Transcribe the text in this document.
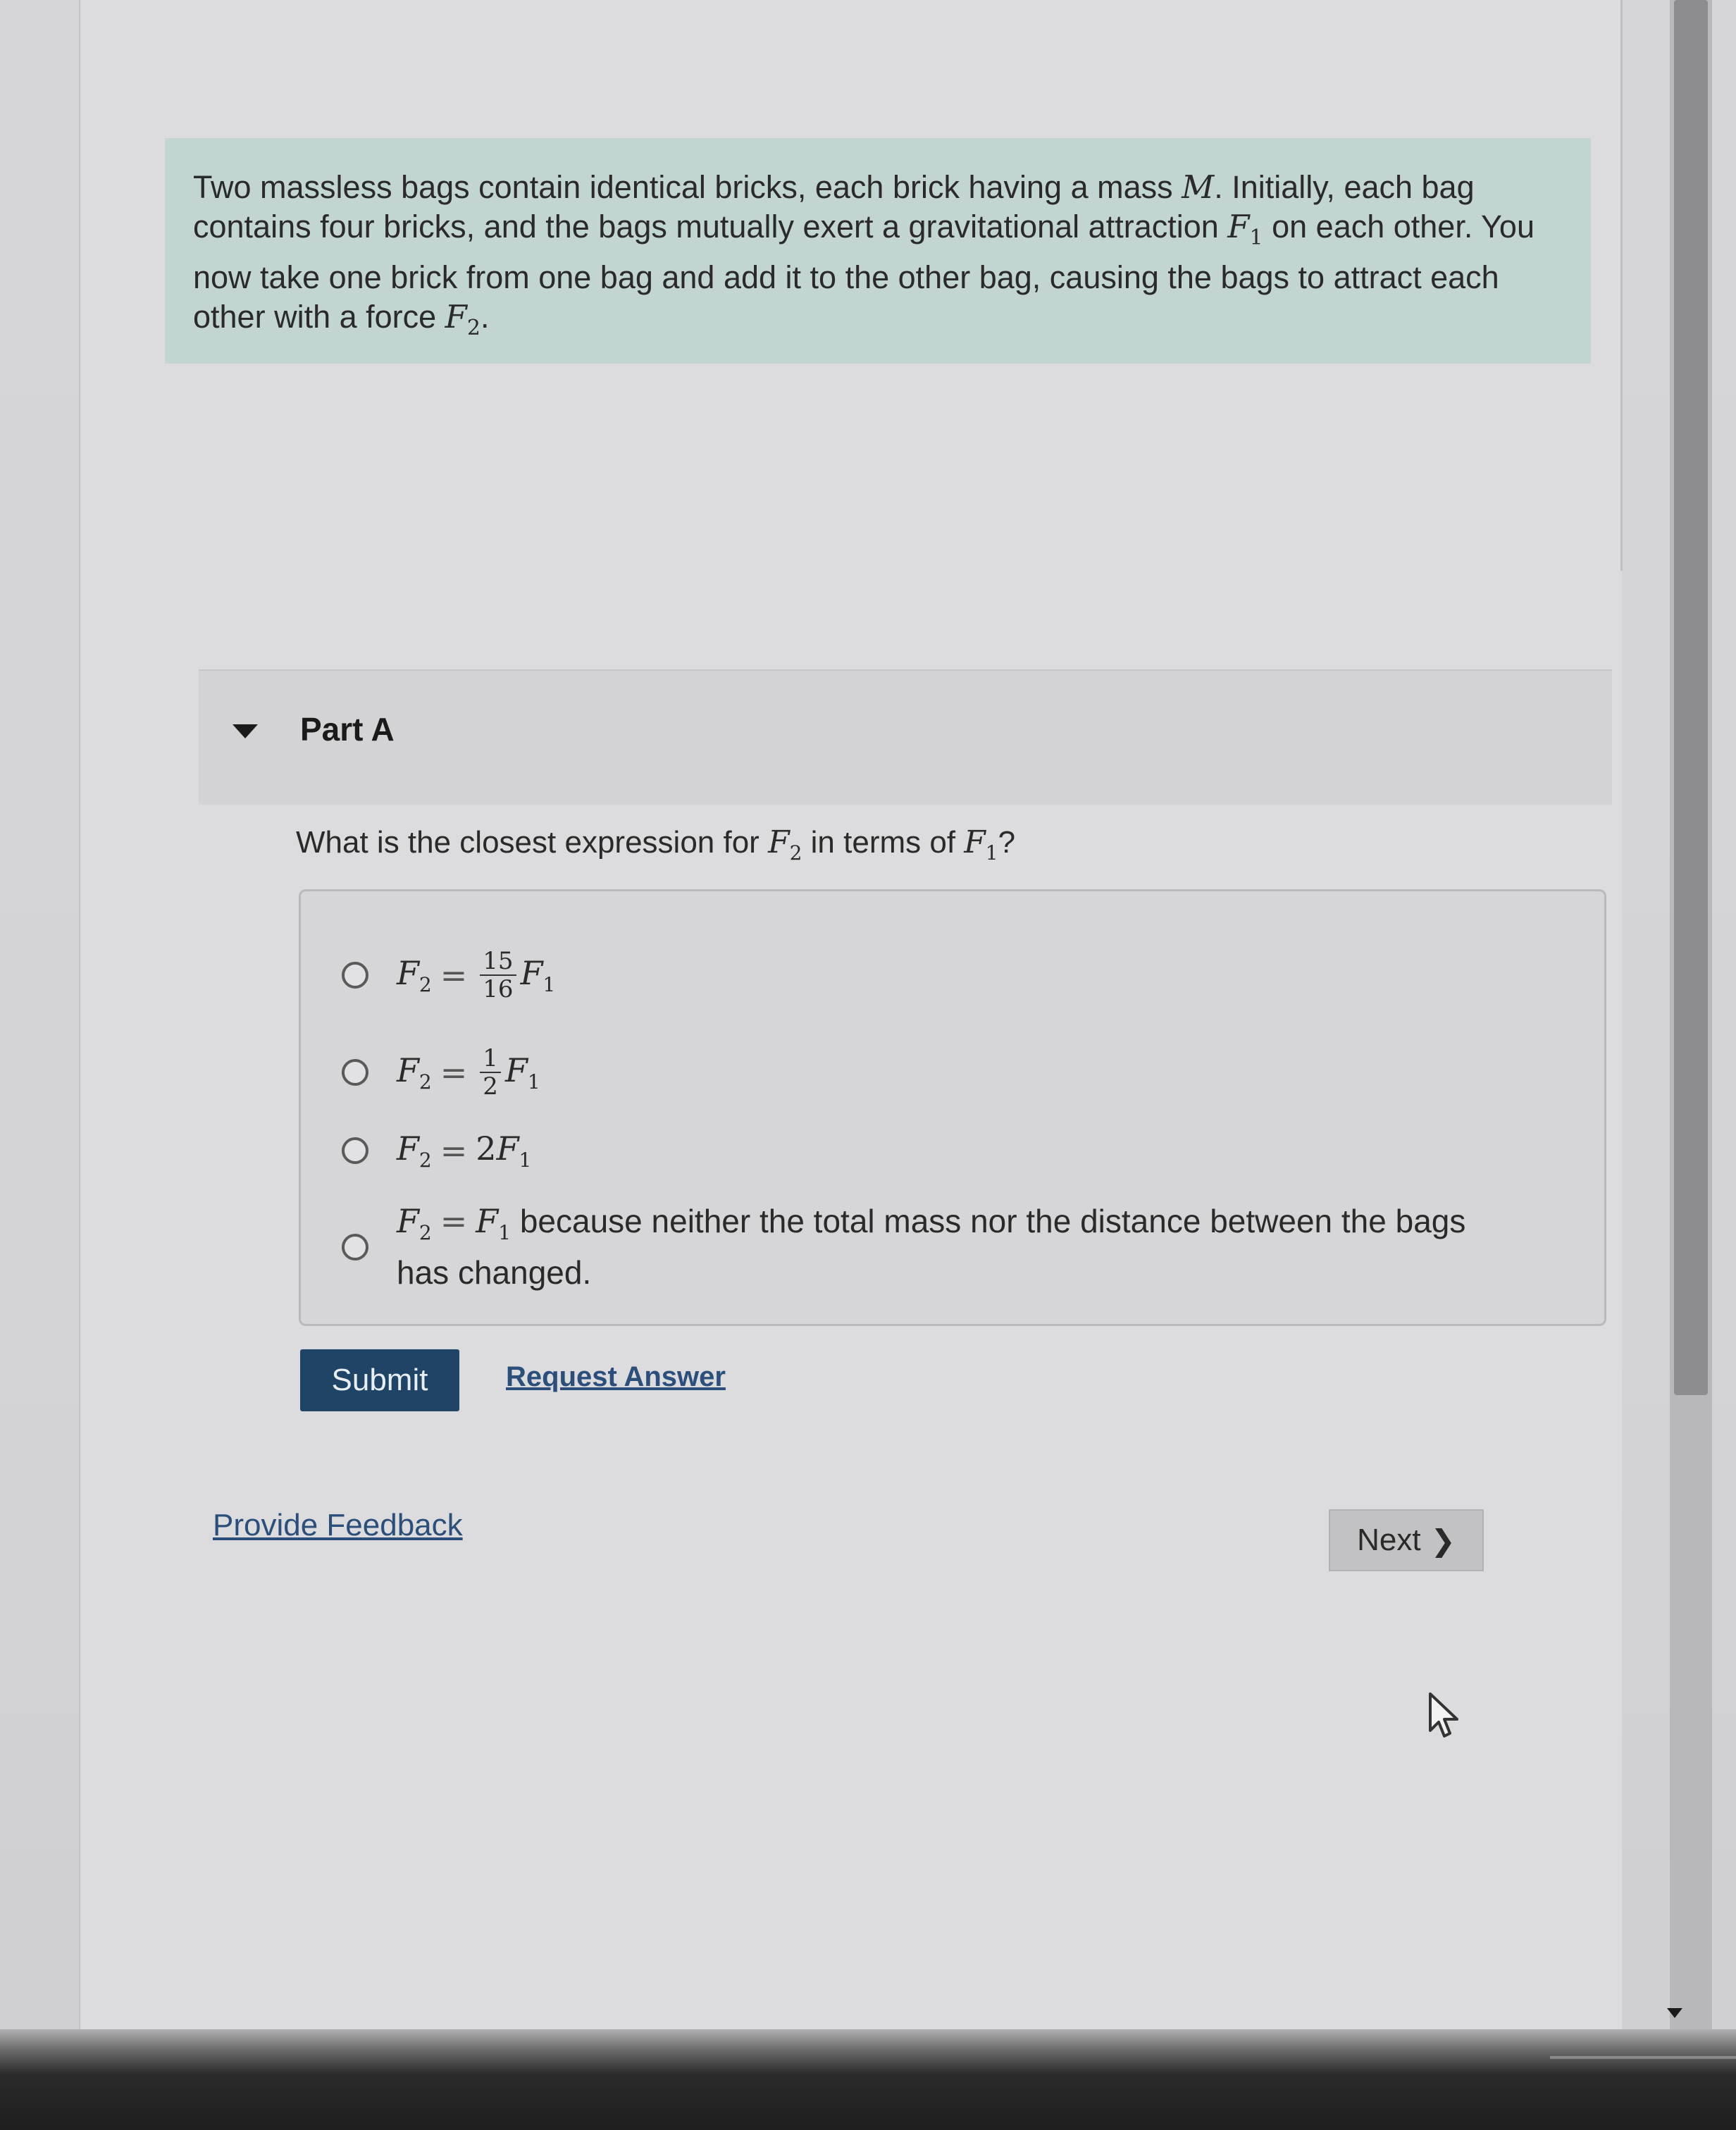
Two massless bags contain identical bricks, each brick having a mass M. Initially, each bag contains four bricks, and the bags mutually exert a gravitational attraction $F_1$ on each other. You now take one brick from one bag and add it to the other bag, causing the bags to attract each other with a force $F_2$.
Part A
What is the closest expression for $F_2$ in terms of $F_1$?
$F_2 = \frac{15}{16} F_1$
$F_2 = \frac{1}{2} F_1$
$F_2 = 2F_1$
$F_2 = F_1$ because neither the total mass nor the distance between the bags has changed.
Submit	Request Answer
Provide Feedback	Next ❯
